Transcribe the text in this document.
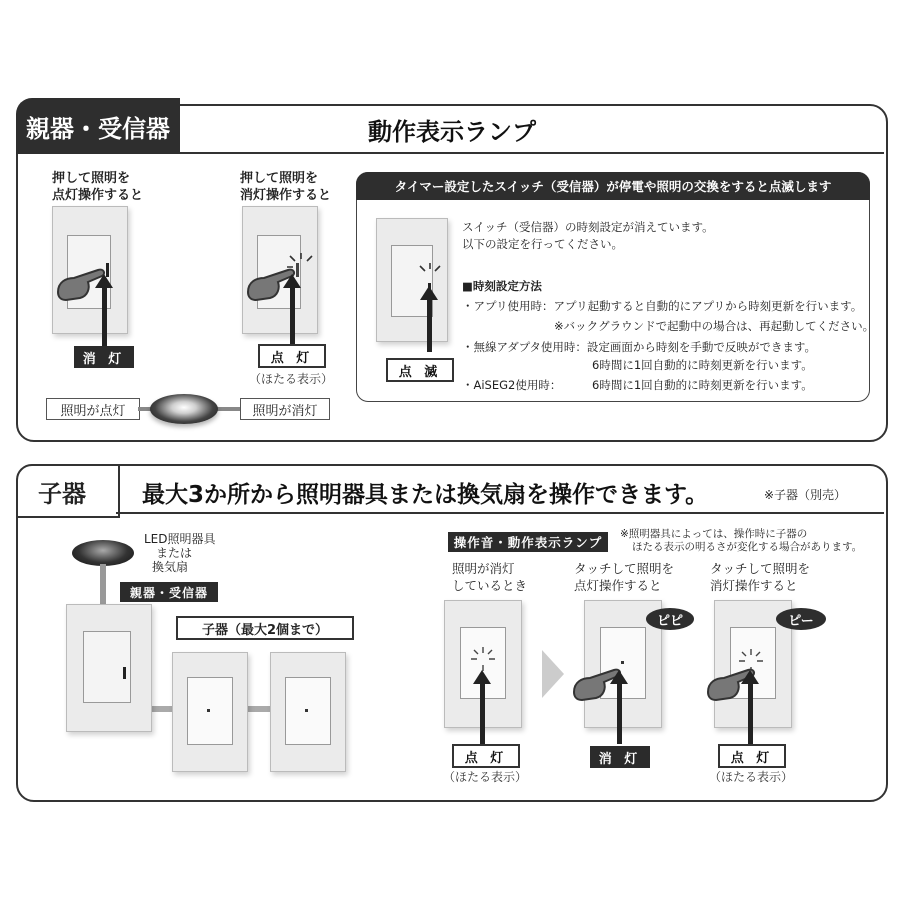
親器・受信器	動作表示ランプ
押して照明を
点灯操作すると
消 灯
押して照明を
消灯操作すると
点 灯
（ほたる表示）
照明が点灯	照明が消灯
タイマー設定したスイッチ（受信器）が停電や照明の交換をすると点滅します
点 滅
スイッチ（受信器）の時刻設定が消えています。
以下の設定を行ってください。
■時刻設定方法
・アプリ使用時：アプリ起動すると自動的にアプリから時刻更新を行います。
※バックグラウンドで起動中の場合は、再起動してください。
・無線アダプタ使用時：設定画面から時刻を手動で反映ができます。
6時間に1回自動的に時刻更新を行います。
・AiSEG2使用時：	6時間に1回自動的に時刻更新を行います。
子器 最大3か所から照明器具または換気扇を操作できます。	※子器（別売）
LED照明器具
または
換気扇
親器・受信器
子器（最大2個まで）
操作音・動作表示ランプ
※照明器具によっては、操作時に子器の
ほたる表示の明るさが変化する場合があります。
照明が消灯
しているとき
点 灯
（ほたる表示）
タッチして照明を
点灯操作すると
ピピ
消 灯
タッチして照明を
消灯操作すると
ピー
点 灯
（ほたる表示）
